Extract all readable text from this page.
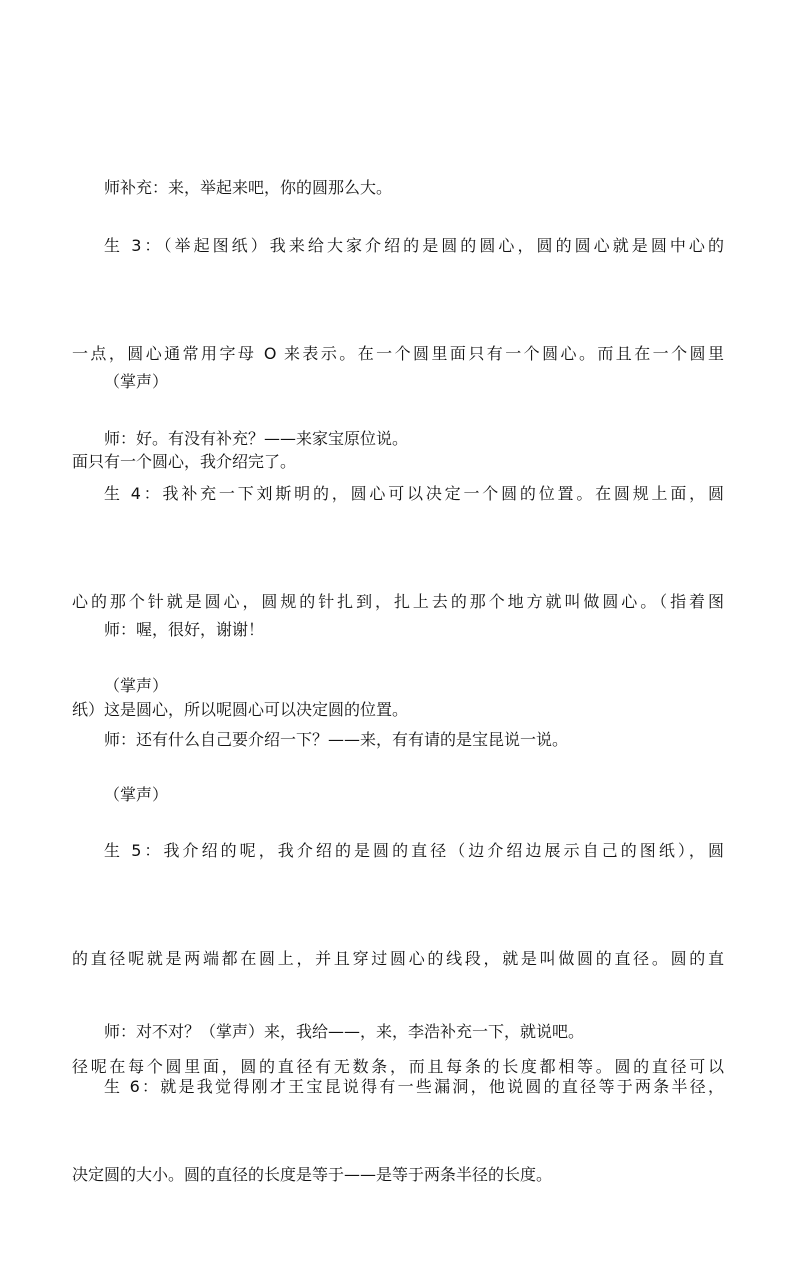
师补充：来，举起来吧，你的圆那么大。

生 3：（举起图纸）我来给大家介绍的是圆的圆心，圆的圆心就是圆中心的

一点，圆心通常用字母 O 来表示。在一个圆里面只有一个圆心。而且在一个圆里

面只有一个圆心，我介绍完了。

（掌声）

师：好。有没有补充？——来家宝原位说。

生 4：我补充一下刘斯明的，圆心可以决定一个圆的位置。在圆规上面，圆

心的那个针就是圆心，圆规的针扎到，扎上去的那个地方就叫做圆心。（指着图

纸）这是圆心，所以呢圆心可以决定圆的位置。

师：喔，很好，谢谢！

（掌声）

师：还有什么自己要介绍一下？——来，有有请的是宝昆说一说。

（掌声）

生 5：我介绍的呢，我介绍的是圆的直径（边介绍边展示自己的图纸），圆

的直径呢就是两端都在圆上，并且穿过圆心的线段，就是叫做圆的直径。圆的直

径呢在每个圆里面，圆的直径有无数条，而且每条的长度都相等。圆的直径可以

决定圆的大小。圆的直径的长度是等于——是等于两条半径的长度。

师：对不对？（掌声）来，我给——，来，李浩补充一下，就说吧。

生 6：就是我觉得刚才王宝昆说得有一些漏洞，他说圆的直径等于两条半径，
